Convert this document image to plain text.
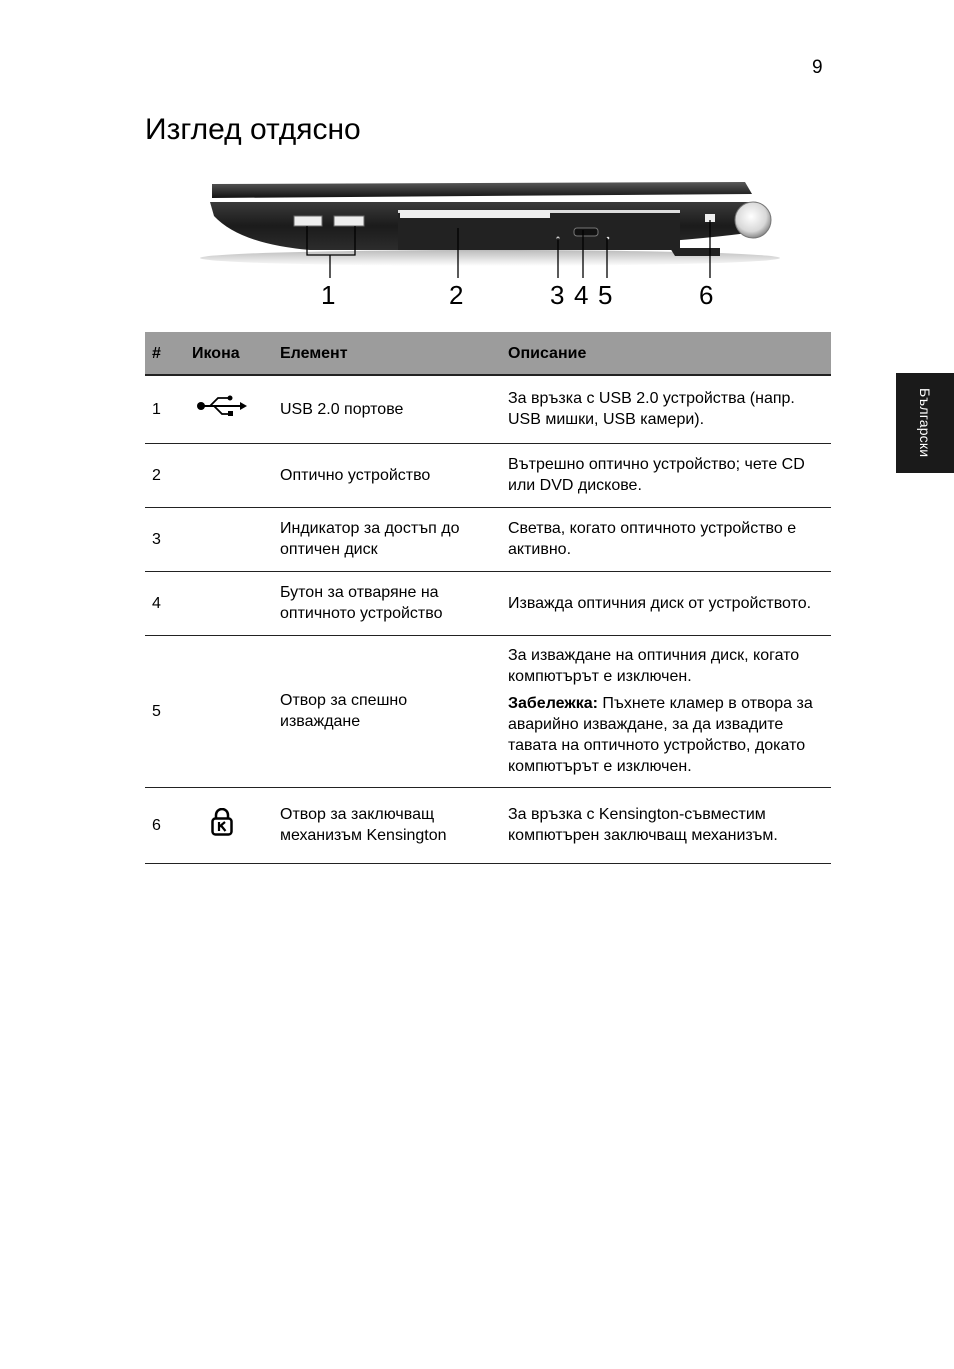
9
Изглед отдясно
Български
1	2	3 4 5	6
#	Икона	Елемент	Описание
1		USB 2.0 портове	За връзка с USB 2.0 устройства (напр. USB мишки, USB камери).
2		Оптично устройство	Вътрешно оптично устройство; чете CD или DVD дискове.
3		Индикатор за достъп до оптичен диск	Светва, когато оптичното устройство е активно.
4		Бутон за отваряне на оптичното устройство	Изважда оптичния диск от устройството.
5		Отвор за спешно изваждане	За изваждане на оптичния диск, когато компютърът е изключен.
Забележка: Пъхнете кламер в отвора за аварийно изваждане, за да извадите тавата на оптичното устройство, докато компютърът е изключен.

6		Отвор за заключващ механизъм Kensington	За връзка с Kensington-съвместим компютърен заключващ механизъм.
